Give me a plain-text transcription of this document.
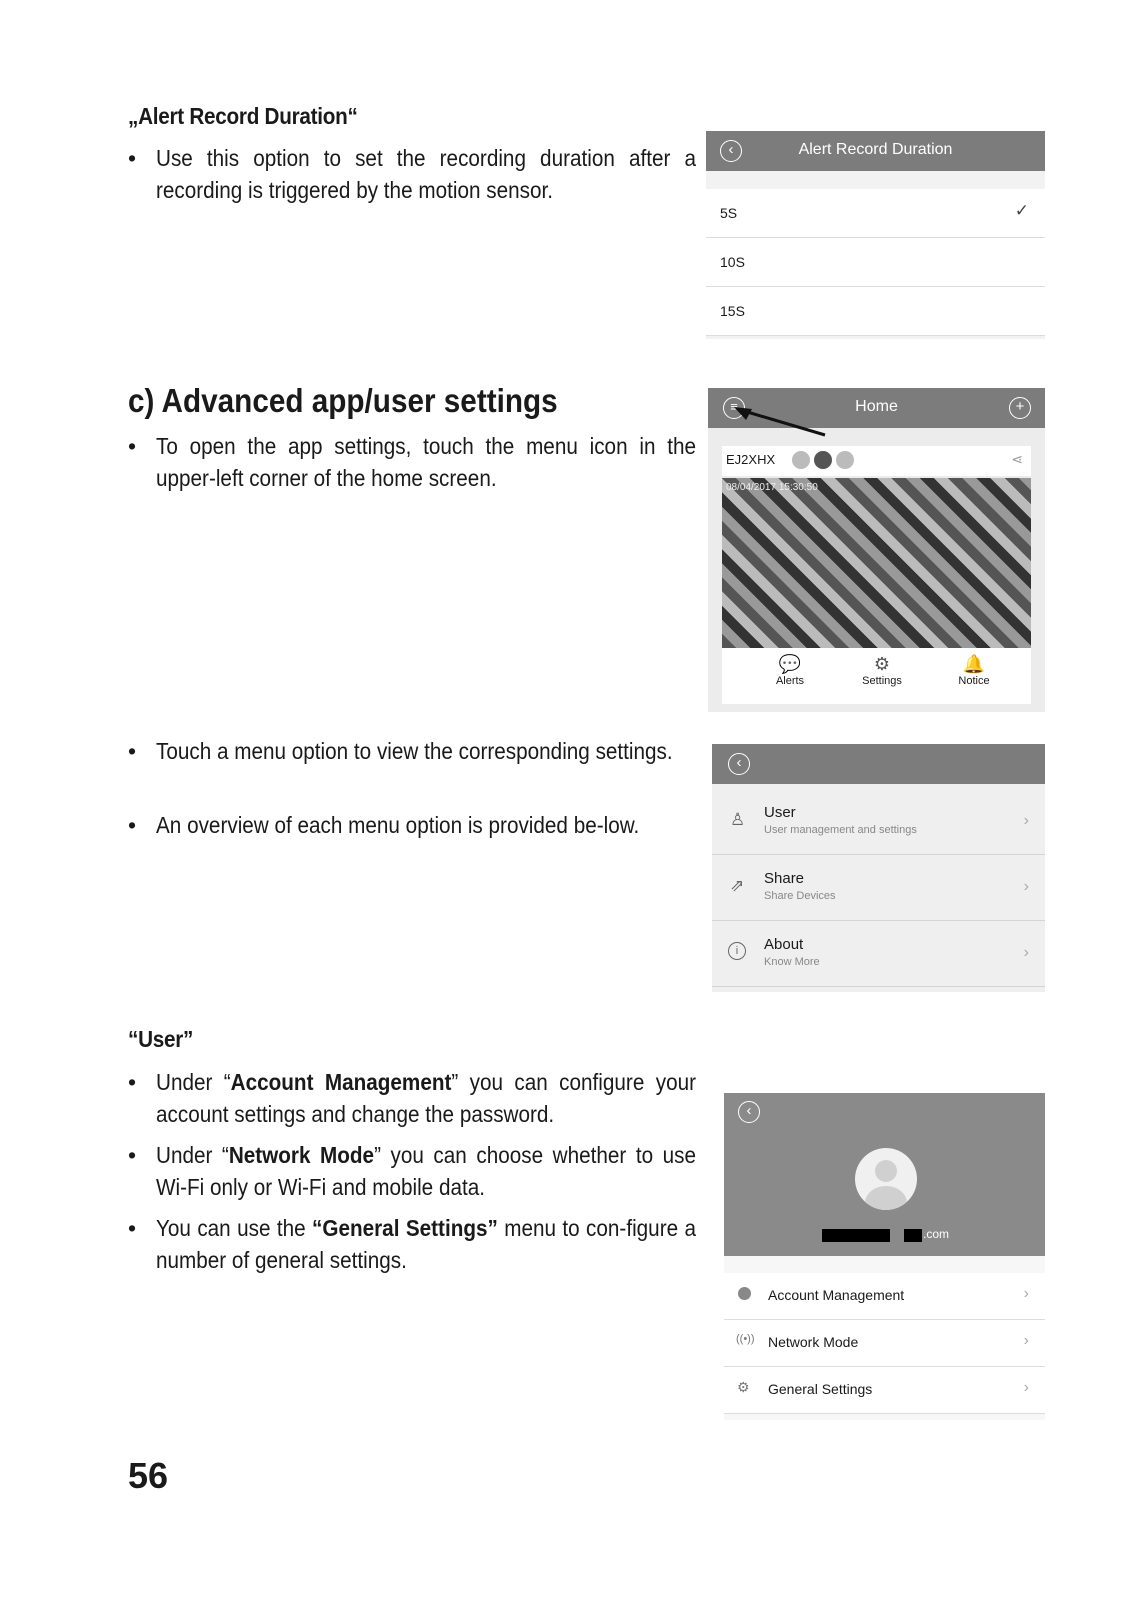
„Alert Record Duration“
• Use this option to set the recording duration after a recording is triggered by the motion sensor.
c) Advanced app/user settings
• To open the app settings, touch the menu icon in the upper-left corner of the home screen.
• Touch a menu option to view the corresponding settings.
• An overview of each menu option is provided be-low.
“User”
• Under “Account Management” you can configure your account settings and change the password.
• Under “Network Mode” you can choose whether to use Wi-Fi only or Wi-Fi and mobile data.
• You can use the “General Settings” menu to con-figure a number of general settings.
56
‹	Alert Record Duration
5S	✓
10S
15S
≡	Home	+
EJ2XHX	⋖
08/04/2017 15:30:50
💬
Alerts
⚙
Settings
🔔
Notice
‹
♙ User
User management and settings
›
⇗ Share
Share Devices
›
i	About
Know More
›
‹
.com
Account Management	›
((•)) Network Mode	›
⚙ General Settings	›
